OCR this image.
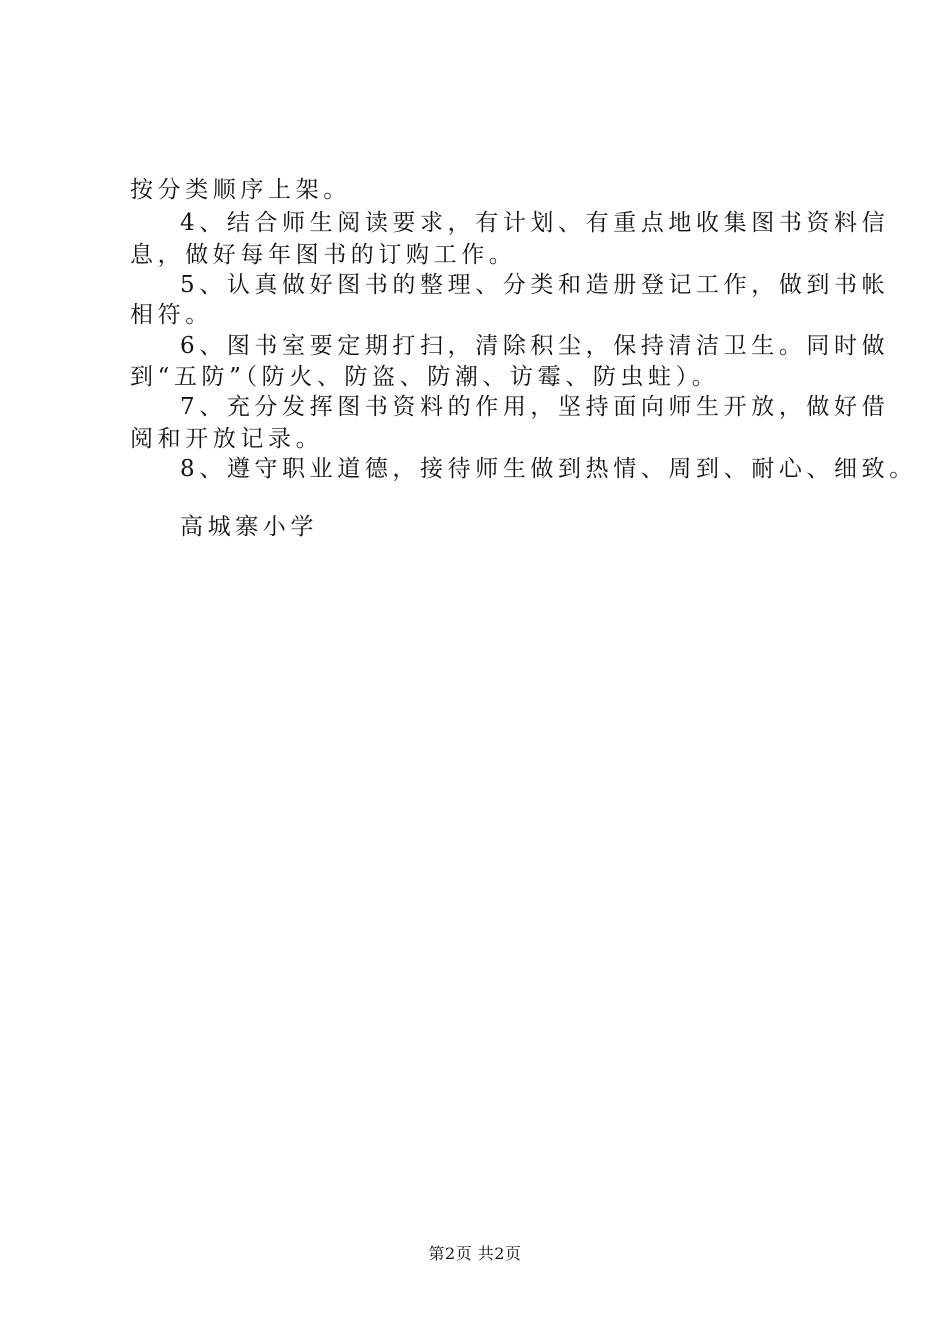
按分类顺序上架。
4、结合师生阅读要求，有计划、有重点地收集图书资料信
息，做好每年图书的订购工作。
5、认真做好图书的整理、分类和造册登记工作，做到书帐
相符。
6、图书室要定期打扫，清除积尘，保持清洁卫生。同时做
到“五防”（防火、防盗、防潮、访霉、防虫蛀）。
7、充分发挥图书资料的作用，坚持面向师生开放，做好借
阅和开放记录。
8、遵守职业道德，接待师生做到热情、周到、耐心、细致。
高城寨小学
第2页 共2页
